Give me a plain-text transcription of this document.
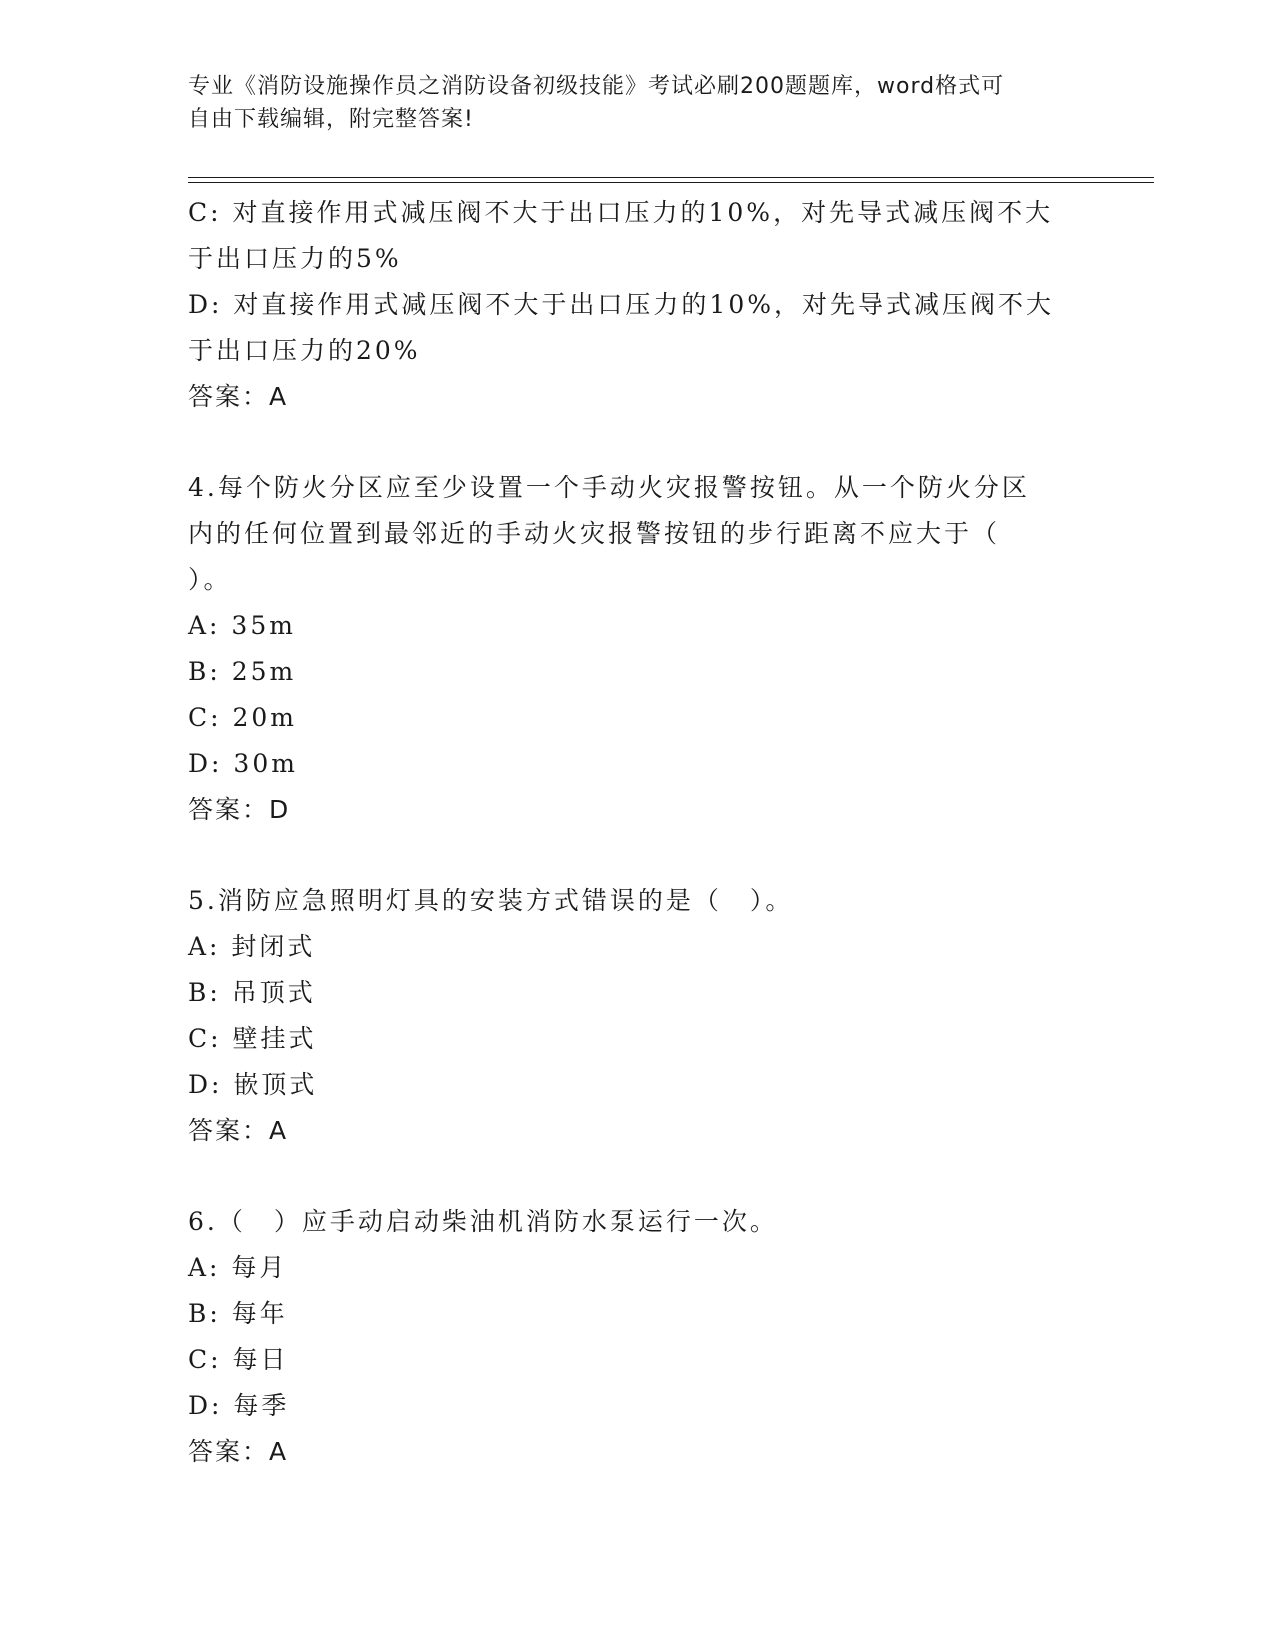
专业《消防设施操作员之消防设备初级技能》考试必刷200题题库，word格式可
自由下载编辑，附完整答案!
C: 对直接作用式减压阀不大于出口压力的10%，对先导式减压阀不大
于出口压力的5%
D: 对直接作用式减压阀不大于出口压力的10%，对先导式减压阀不大
于出口压力的20%
答案：A
4.每个防火分区应至少设置一个手动火灾报警按钮。从一个防火分区
内的任何位置到最邻近的手动火灾报警按钮的步行距离不应大于（
）。
A: 35m
B: 25m
C: 20m
D: 30m
答案：D
5.消防应急照明灯具的安装方式错误的是（　）。
A: 封闭式
B: 吊顶式
C: 壁挂式
D: 嵌顶式
答案：A
6.（　）应手动启动柴油机消防水泵运行一次。
A: 每月
B: 每年
C: 每日
D: 每季
答案：A
